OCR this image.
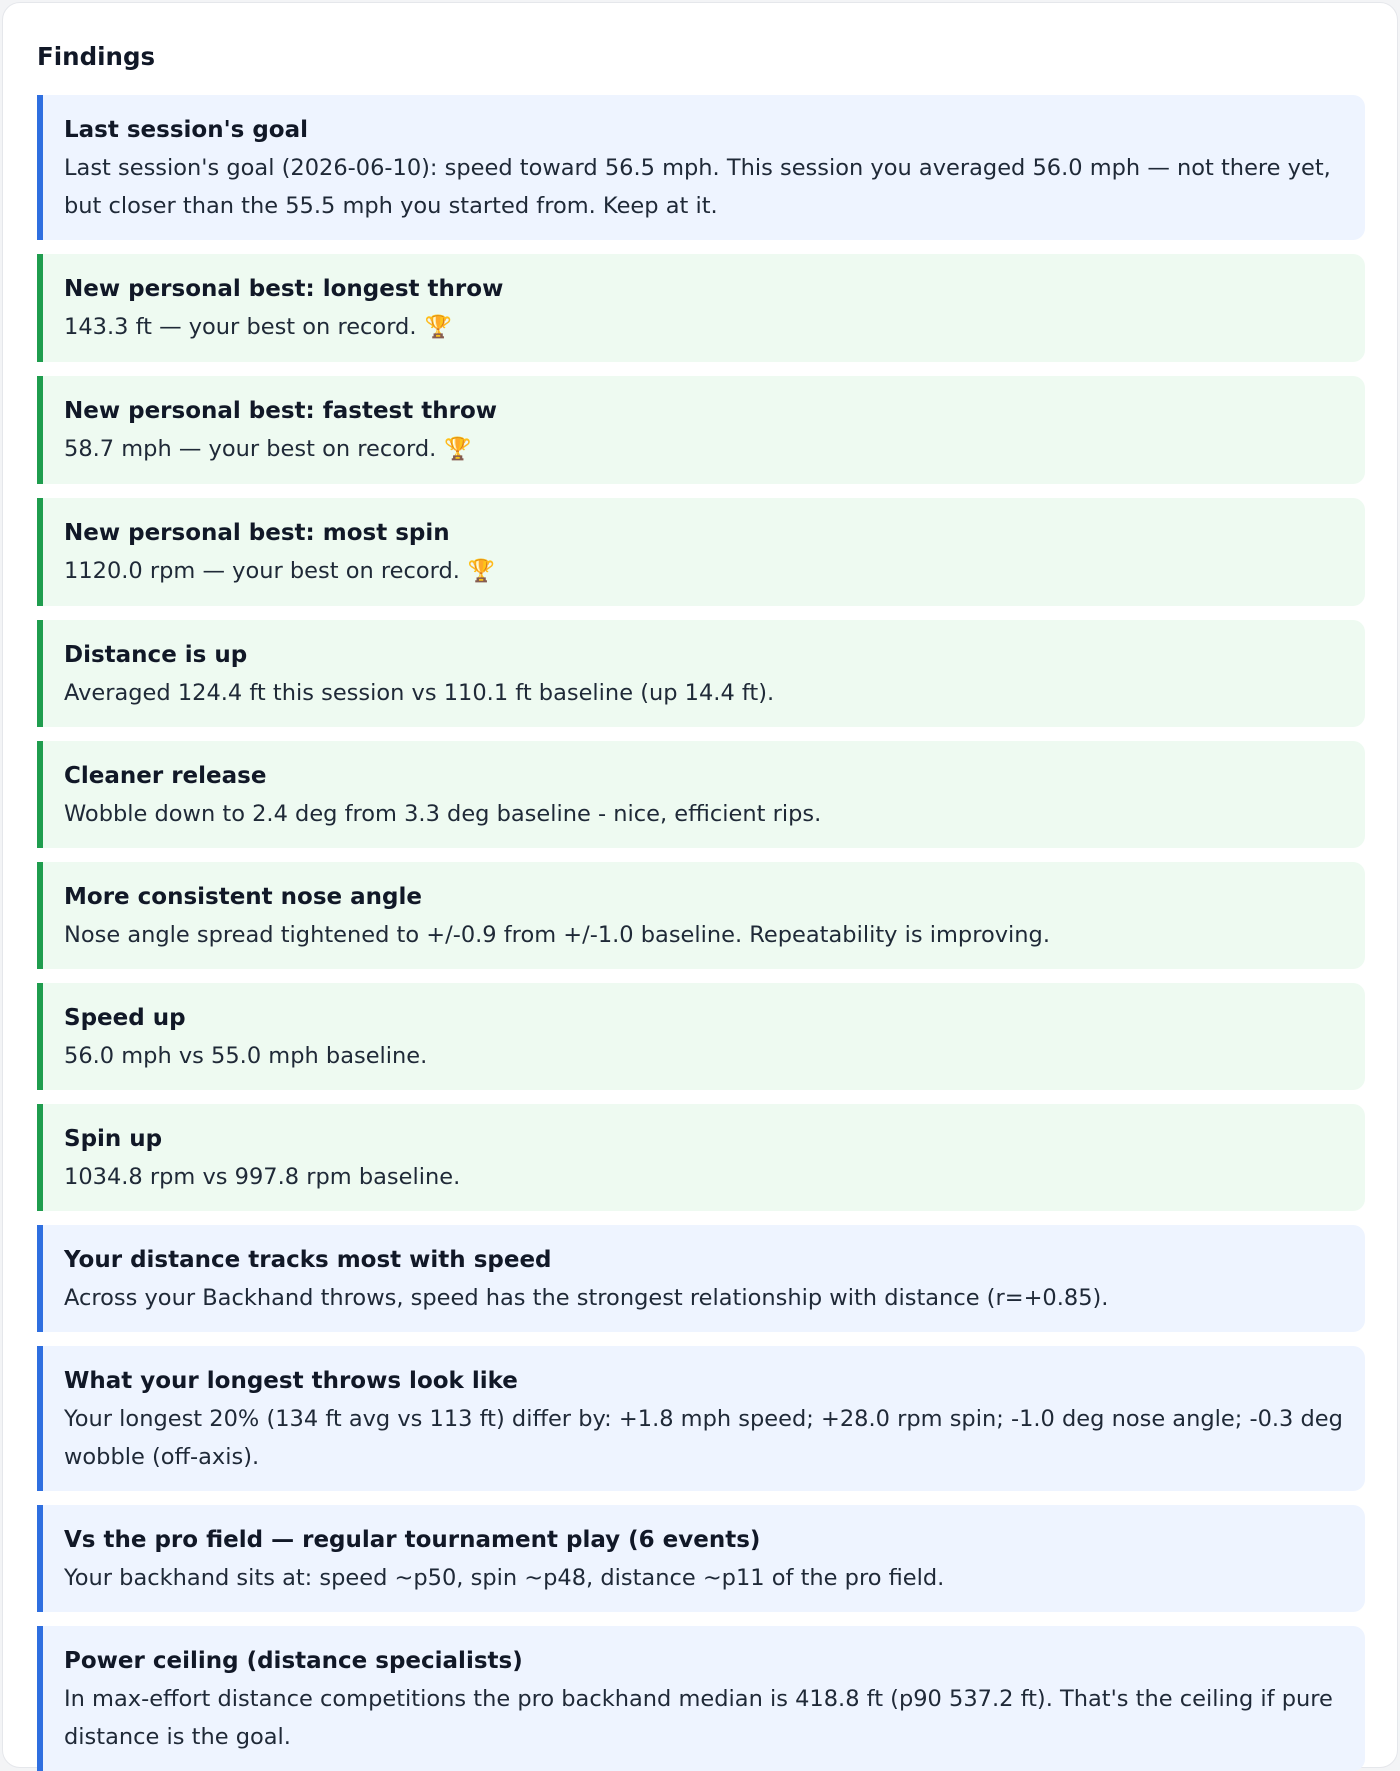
Findings
Last session's goal
Last session's goal (2026-06-10): speed toward 56.5 mph. This session you averaged 56.0 mph — not there yet, but closer than the 55.5 mph you started from. Keep at it.
New personal best: longest throw
143.3 ft — your best on record. 🏆
New personal best: fastest throw
58.7 mph — your best on record. 🏆
New personal best: most spin
1120.0 rpm — your best on record. 🏆
Distance is up
Averaged 124.4 ft this session vs 110.1 ft baseline (up 14.4 ft).
Cleaner release
Wobble down to 2.4 deg from 3.3 deg baseline - nice, efficient rips.
More consistent nose angle
Nose angle spread tightened to +/-0.9 from +/-1.0 baseline. Repeatability is improving.
Speed up
56.0 mph vs 55.0 mph baseline.
Spin up
1034.8 rpm vs 997.8 rpm baseline.
Your distance tracks most with speed
Across your Backhand throws, speed has the strongest relationship with distance (r=+0.85).
What your longest throws look like
Your longest 20% (134 ft avg vs 113 ft) differ by: +1.8 mph speed; +28.0 rpm spin; -1.0 deg nose angle; -0.3 deg wobble (off-axis).
Vs the pro field — regular tournament play (6 events)
Your backhand sits at: speed ~p50, spin ~p48, distance ~p11 of the pro field.
Power ceiling (distance specialists)
In max-effort distance competitions the pro backhand median is 418.8 ft (p90 537.2 ft). That's the ceiling if pure distance is the goal.
